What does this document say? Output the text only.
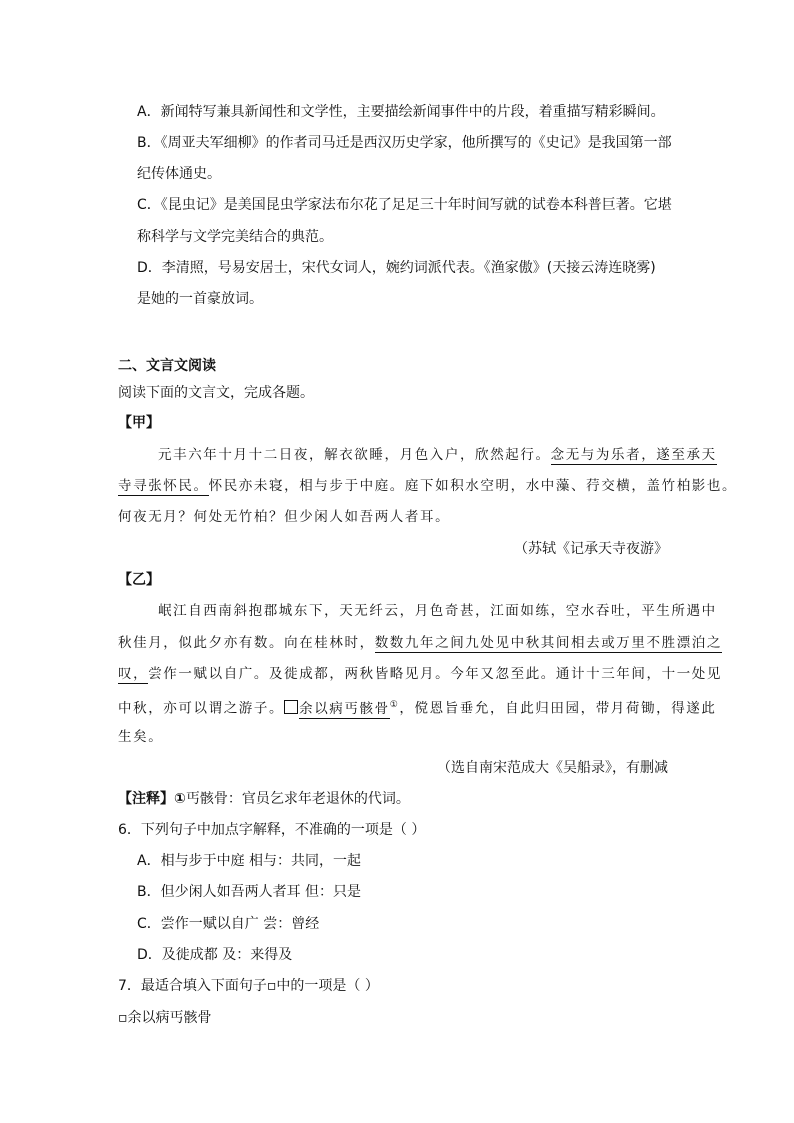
A．新闻特写兼具新闻性和文学性，主要描绘新闻事件中的片段，着重描写精彩瞬间。
B．《周亚夫军细柳》的作者司马迁是西汉历史学家，他所撰写的《史记》是我国第一部
纪传体通史。
C．《昆虫记》是美国昆虫学家法布尔花了足足三十年时间写就的试卷本科普巨著。它堪
称科学与文学完美结合的典范。
D．李清照，号易安居士，宋代女词人，婉约词派代表。《渔家傲》(天接云涛连晓雾)
是她的一首豪放词。
二、文言文阅读
阅读下面的文言文，完成各题。
【甲】
元丰六年十月十二日夜，解衣欲睡，月色入户，欣然起行。念无与为乐者，遂至承天
寺寻张怀民。怀民亦未寝，相与步于中庭。庭下如积水空明，水中藻、荇交横，盖竹柏影也。
何夜无月？何处无竹柏？但少闲人如吾两人者耳。
（苏轼《记承天寺夜游》
【乙】
岷江自西南斜抱郡城东下，天无纤云，月色奇甚，江面如练，空水吞吐，平生所遇中
秋佳月，似此夕亦有数。向在桂林时，数数九年之间九处见中秋其间相去或万里不胜漂泊之
叹，尝作一赋以自广。及徙成都，两秋皆略见月。今年又忽至此。通计十三年间，十一处见
中秋，亦可以谓之游子。 余以病丐骸骨①，傥恩旨垂允，自此归田园，带月荷锄，得遂此
生矣。
（选自南宋范成大《吴船录》，有删减
【注释】①丐骸骨：官员乞求年老退休的代词。
6．下列句子中加点字解释，不准确的一项是（ ）
A．相与步于中庭 相与：共同，一起
B．但少闲人如吾两人者耳 但：只是
C．尝作一赋以自广 尝：曾经
D．及徙成都 及：来得及
7．最适合填入下面句子▫中的一项是（ ）
▫余以病丐骸骨
